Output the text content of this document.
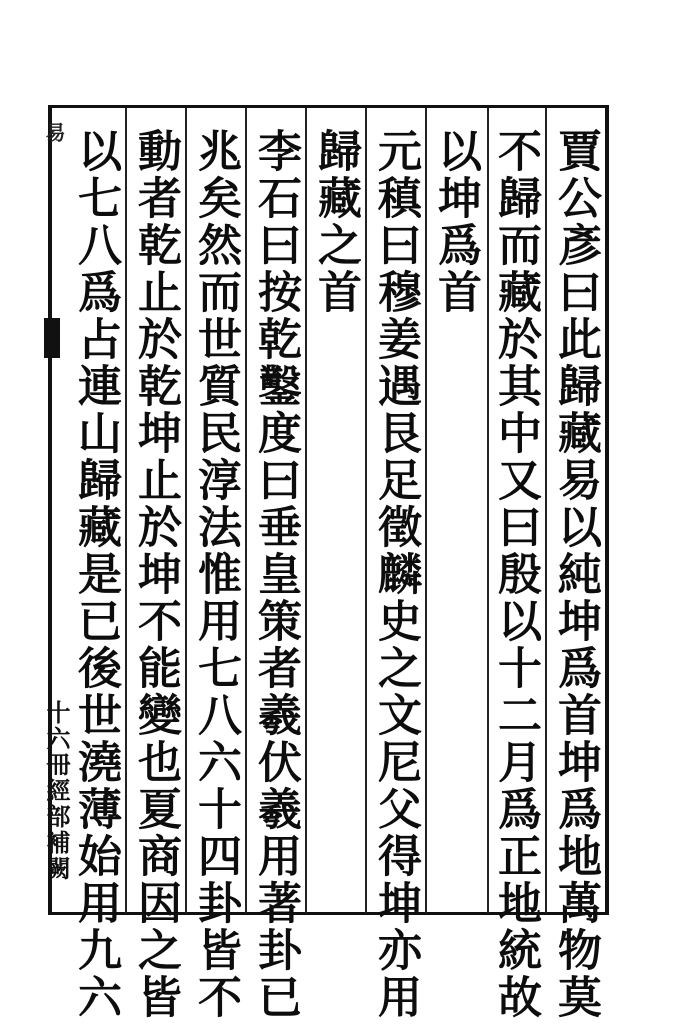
賈公彥曰此歸藏易以純坤爲首坤爲地萬物莫
不歸而藏於其中又曰殷以十二月爲正地統故
以坤爲首
元稹曰穆姜遇艮足徵麟史之文尼父得坤亦用
歸藏之首
李石曰按乾鑿度曰垂皇策者羲伏羲用著卦已
兆矣然而世質民淳法惟用七八六十四卦皆不
動者乾止於乾坤止於坤不能變也夏商因之皆
以七八爲占連山歸藏是已後世澆薄始用九六
易
十六冊經部補闕
